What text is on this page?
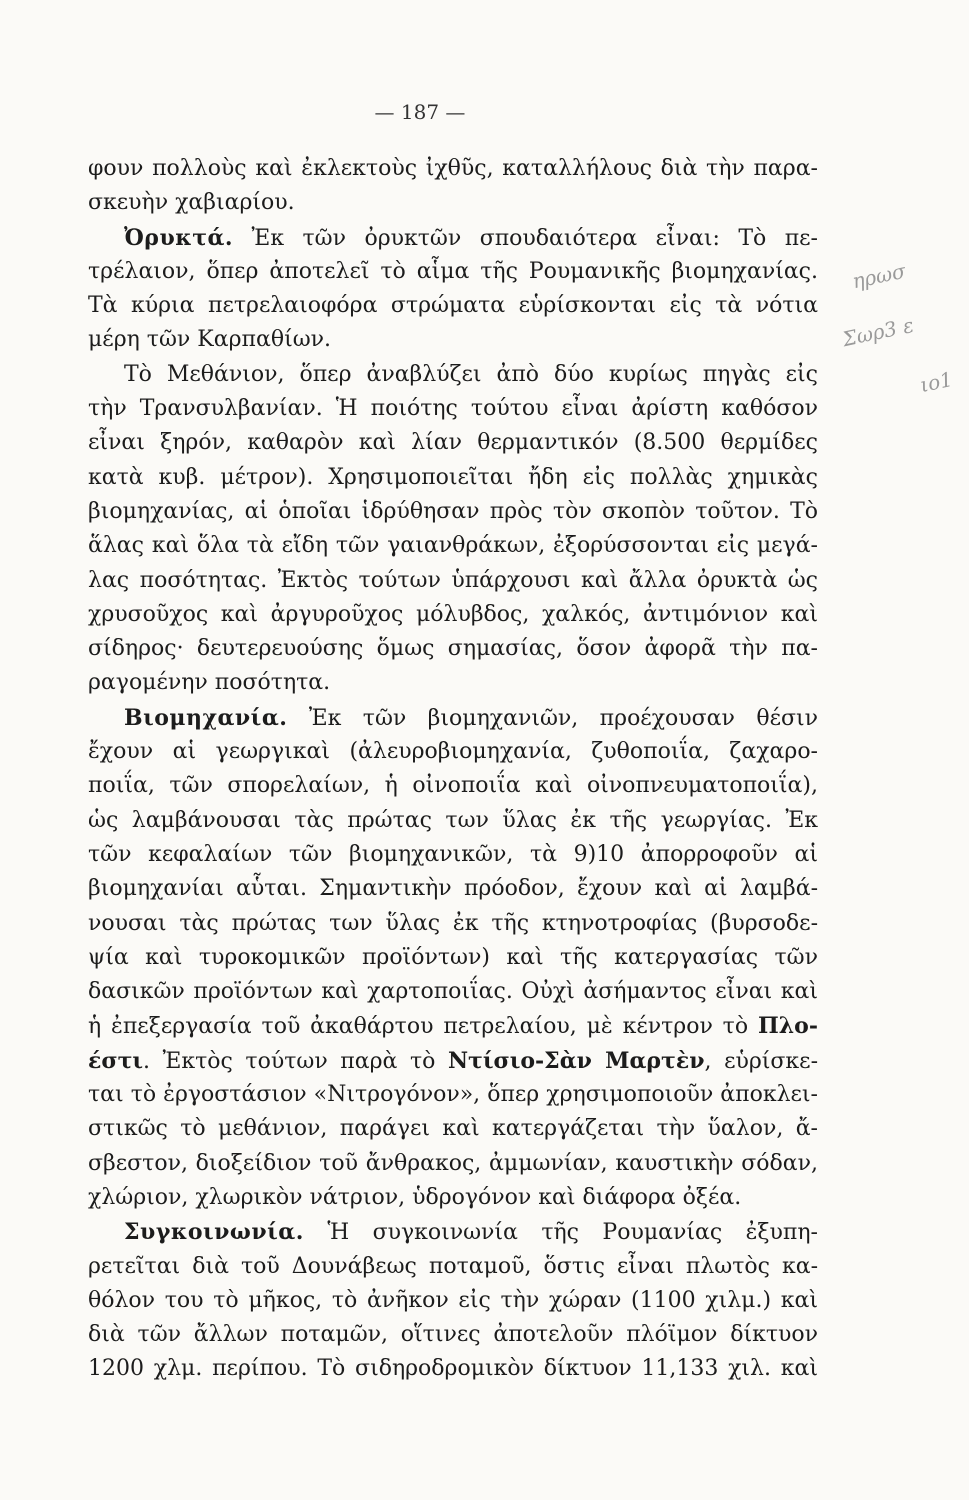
— 187 —
ηρωσ
Σωρ3 ε
ιο1
φουν πολλοὺς καὶ ἐκλεκτοὺς ἰχθῦς, καταλλήλους διὰ τὴν παρα-
σκευὴν χαβιαρίου.
Ὀρυκτά. Ἐκ τῶν ὀρυκτῶν σπουδαιότερα εἶναι: Τὸ πε-
τρέλαιον, ὅπερ ἀποτελεῖ τὸ αἷμα τῆς Ρουμανικῆς βιομηχανίας.
Τὰ κύρια πετρελαιοφόρα στρώματα εὑρίσκονται εἰς τὰ νότια
μέρη τῶν Καρπαθίων.
Τὸ Μεθάνιον, ὅπερ ἀναβλύζει ἀπὸ δύο κυρίως πηγὰς εἰς
τὴν Τρανσυλβανίαν. Ἡ ποιότης τούτου εἶναι ἀρίστη καθόσον
εἶναι ξηρόν, καθαρὸν καὶ λίαν θερμαντικόν (8.500 θερμίδες
κατὰ κυβ. μέτρον). Χρησιμοποιεῖται ἤδη εἰς πολλὰς χημικὰς
βιομηχανίας, αἱ ὁποῖαι ἱδρύθησαν πρὸς τὸν σκοπὸν τοῦτον. Τὸ
ἅλας καὶ ὅλα τὰ εἴδη τῶν γαιανθράκων, ἐξορύσσονται εἰς μεγά-
λας ποσότητας. Ἐκτὸς τούτων ὑπάρχουσι καὶ ἄλλα ὀρυκτὰ ὡς
χρυσοῦχος καὶ ἀργυροῦχος μόλυβδος, χαλκός, ἀντιμόνιον καὶ
σίδηρος· δευτερευούσης ὅμως σημασίας, ὅσον ἀφορᾶ τὴν πα-
ραγομένην ποσότητα.
Βιομηχανία. Ἐκ τῶν βιομηχανιῶν, προέχουσαν θέσιν
ἔχουν αἱ γεωργικαὶ (ἀλευροβιομηχανία, ζυθοποιΐα, ζαχαρο-
ποιΐα, τῶν σπορελαίων, ἡ οἰνοποιΐα καὶ οἰνοπνευματοποιΐα),
ὡς λαμβάνουσαι τὰς πρώτας των ὕλας ἐκ τῆς γεωργίας. Ἐκ
τῶν κεφαλαίων τῶν βιομηχανικῶν, τὰ 9)10 ἀπορροφοῦν αἱ
βιομηχανίαι αὗται. Σημαντικὴν πρόοδον, ἔχουν καὶ αἱ λαμβά-
νουσαι τὰς πρώτας των ὕλας ἐκ τῆς κτηνοτροφίας (βυρσοδε-
ψία καὶ τυροκομικῶν προϊόντων) καὶ τῆς κατεργασίας τῶν
δασικῶν προϊόντων καὶ χαρτοποιΐας. Οὐχὶ ἀσήμαντος εἶναι καὶ
ἡ ἐπεξεργασία τοῦ ἀκαθάρτου πετρελαίου, μὲ κέντρον τὸ Πλο-
έστι. Ἐκτὸς τούτων παρὰ τὸ Ντίσιο-Σὰν Μαρτὲν, εὑρίσκε-
ται τὸ ἐργοστάσιον «Νιτρογόνον», ὅπερ χρησιμοποιοῦν ἀποκλει-
στικῶς τὸ μεθάνιον, παράγει καὶ κατεργάζεται τὴν ὕαλον, ἄ-
σβεστον, διοξείδιον τοῦ ἄνθρακος, ἀμμωνίαν, καυστικὴν σόδαν,
χλώριον, χλωρικὸν νάτριον, ὑδρογόνον καὶ διάφορα ὀξέα.
Συγκοινωνία. Ἡ συγκοινωνία τῆς Ρουμανίας ἐξυπη-
ρετεῖται διὰ τοῦ Δουνάβεως ποταμοῦ, ὅστις εἶναι πλωτὸς κα-
θόλον του τὸ μῆκος, τὸ ἀνῆκον εἰς τὴν χώραν (1100 χιλμ.) καὶ
διὰ τῶν ἄλλων ποταμῶν, οἵτινες ἀποτελοῦν πλόϊμον δίκτυον
1200 χλμ. περίπου. Τὸ σιδηροδρομικὸν δίκτυον 11,133 χιλ. καὶ
